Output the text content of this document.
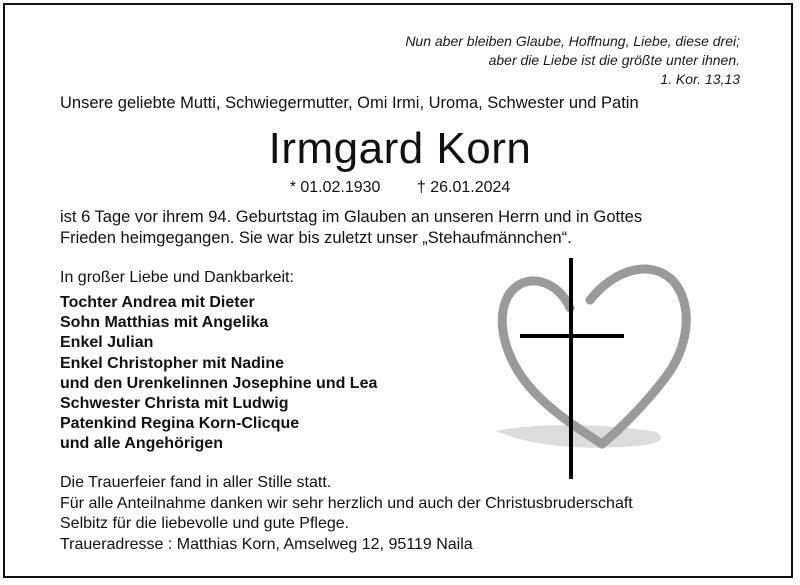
Nun aber bleiben Glaube, Hoffnung, Liebe, diese drei;
aber die Liebe ist die größte unter ihnen.
1. Kor. 13,13
Unsere geliebte Mutti, Schwiegermutter, Omi Irmi, Uroma, Schwester und Patin
Irmgard Korn
* 01.02.1930 † 26.01.2024
ist 6 Tage vor ihrem 94. Geburtstag im Glauben an unseren Herrn und in Gottes
Frieden heimgegangen. Sie war bis zuletzt unser „Stehaufmännchen“.
In großer Liebe und Dankbarkeit:
Tochter Andrea mit Dieter
Sohn Matthias mit Angelika
Enkel Julian
Enkel Christopher mit Nadine
und den Urenkelinnen Josephine und Lea
Schwester Christa mit Ludwig
Patenkind Regina Korn-Clicque
und alle Angehörigen
Die Trauerfeier fand in aller Stille statt.
Für alle Anteilnahme danken wir sehr herzlich und auch der Christusbruderschaft
Selbitz für die liebevolle und gute Pflege.
Traueradresse : Matthias Korn, Amselweg 12, 95119 Naila
